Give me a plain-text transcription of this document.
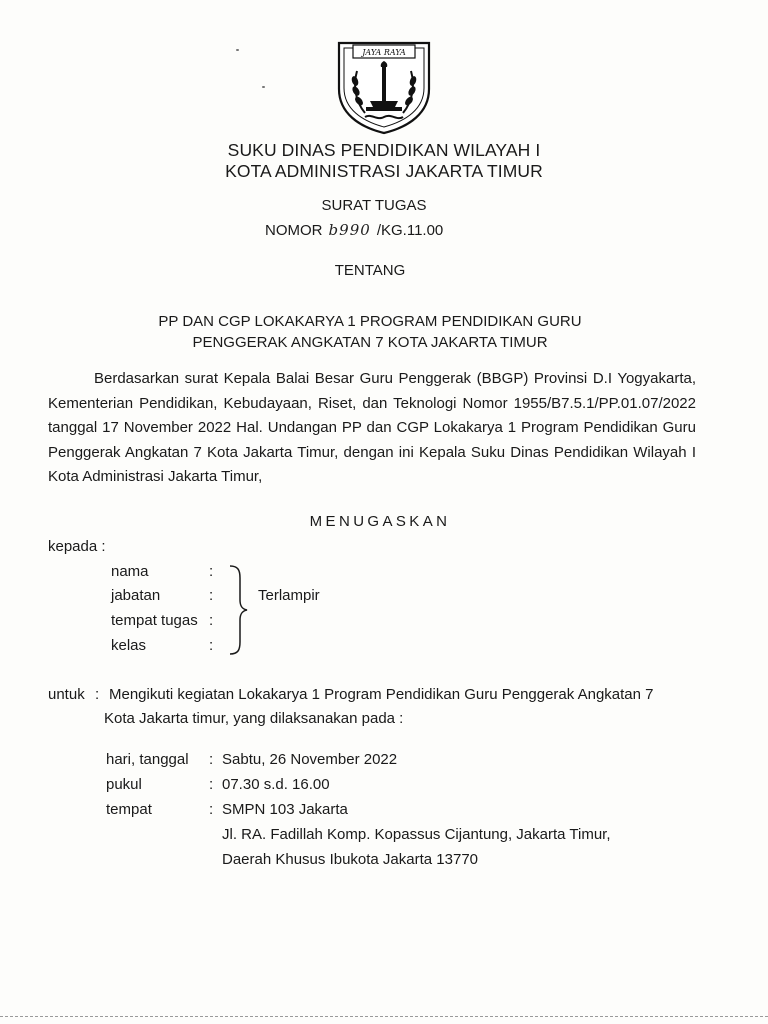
JAYA RAYA
SUKU DINAS PENDIDIKAN WILAYAH I
KOTA ADMINISTRASI JAKARTA TIMUR
SURAT TUGAS
NOMOR b990 /KG.11.00
TENTANG
PP DAN CGP LOKAKARYA 1 PROGRAM PENDIDIKAN GURU
PENGGERAK ANGKATAN 7 KOTA JAKARTA TIMUR
Berdasarkan surat Kepala Balai Besar Guru Penggerak (BBGP) Provinsi D.I Yogyakarta, Kementerian Pendidikan, Kebudayaan, Riset, dan Teknologi Nomor 1955/B7.5.1/PP.01.07/2022 tanggal 17 November 2022 Hal. Undangan PP dan CGP Lokakarya 1 Program Pendidikan Guru Penggerak Angkatan 7 Kota Jakarta Timur, dengan ini Kepala Suku Dinas Pendidikan Wilayah I Kota Administrasi Jakarta Timur,
MENUGASKAN
kepada :
nama	:
jabatan	:
tempat tugas :
kelas	:
Terlampir
untuk : Mengikuti kegiatan Lokakarya 1 Program Pendidikan Guru Penggerak Angkatan 7
Kota Jakarta timur, yang dilaksanakan pada :
hari, tanggal : Sabtu, 26 November 2022
pukul	: 07.30 s.d. 16.00
tempat	: SMPN 103 Jakarta
Jl. RA. Fadillah Komp. Kopassus Cijantung, Jakarta Timur,
Daerah Khusus Ibukota Jakarta 13770
